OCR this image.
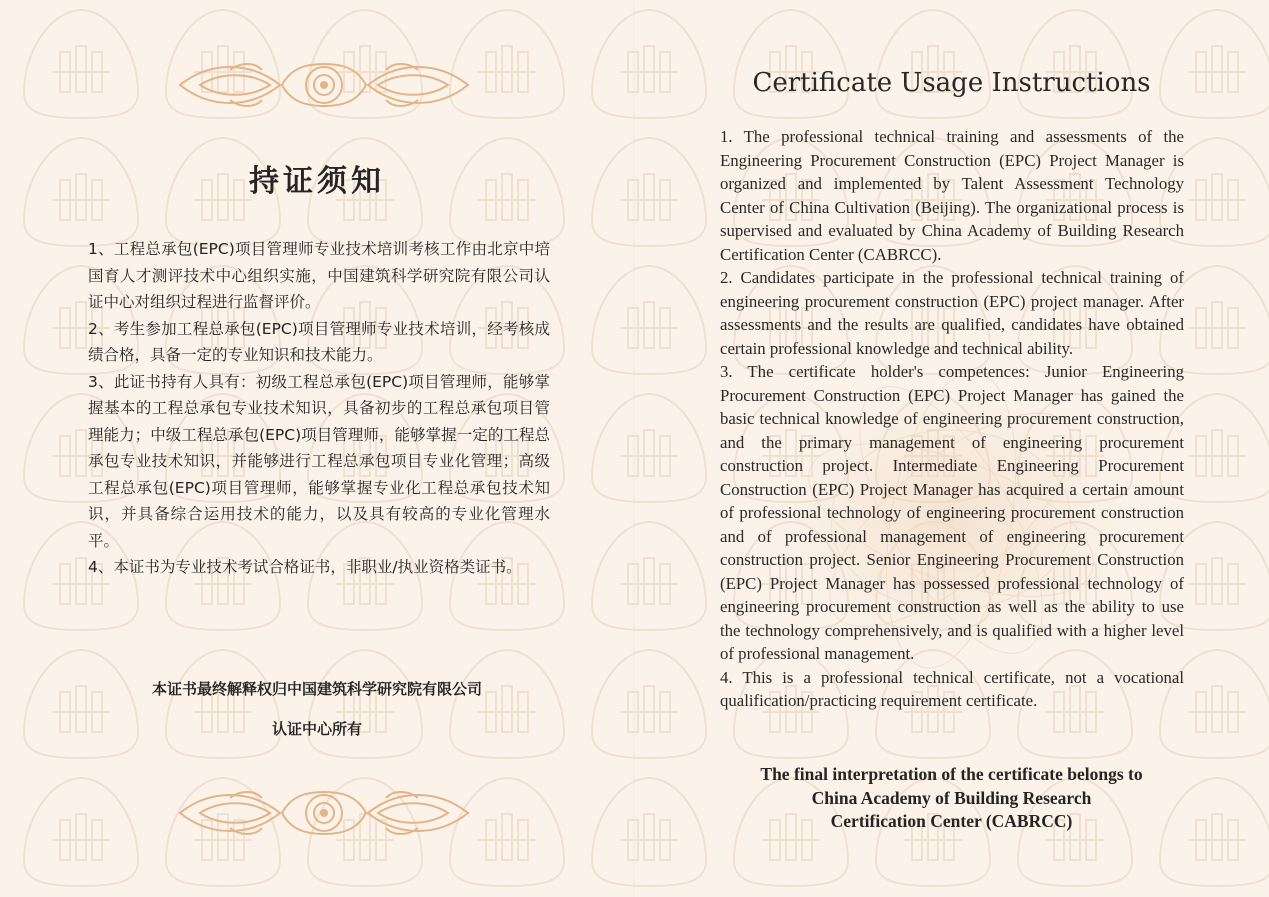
持证须知

1、工程总承包(EPC)项目管理师专业技术培训考核工作由北京中培国育人才测评技术中心组织实施，中国建筑科学研究院有限公司认证中心对组织过程进行监督评价。

2、考生参加工程总承包(EPC)项目管理师专业技术培训，经考核成绩合格，具备一定的专业知识和技术能力。

3、此证书持有人具有：初级工程总承包(EPC)项目管理师，能够掌握基本的工程总承包专业技术知识，具备初步的工程总承包项目管理能力；中级工程总承包(EPC)项目管理师，能够掌握一定的工程总承包专业技术知识，并能够进行工程总承包项目专业化管理；高级工程总承包(EPC)项目管理师，能够掌握专业化工程总承包技术知识，并具备综合运用技术的能力，以及具有较高的专业化管理水平。

4、本证书为专业技术考试合格证书，非职业/执业资格类证书。

本证书最终解释权归中国建筑科学研究院有限公司
认证中心所有
Certificate Usage Instructions

1. The professional technical training and assessments of the Engineering Procurement Construction (EPC) Project Manager is organized and implemented by Talent Assessment Technology Center of China Cultivation (Beijing). The organizational process is supervised and evaluated by China Academy of Building Research Certification Center (CABRCC).

2. Candidates participate in the professional technical training of engineering procurement construction (EPC) project manager. After assessments and the results are qualified, candidates have obtained certain professional knowledge and technical ability.

3. The certificate holder's competences: Junior Engineering Procurement Construction (EPC) Project Manager has gained the basic technical knowledge of engineering procurement construction, and the primary management of engineering procurement construction project. Intermediate Engineering Procurement Construction (EPC) Project Manager has acquired a certain amount of professional technology of engineering procurement construction and of professional management of engineering procurement construction project. Senior Engineering Procurement Construction (EPC) Project Manager has possessed professional technology of engineering procurement construction as well as the ability to use the technology comprehensively, and is qualified with a higher level of professional management.

4. This is a professional technical certificate, not a vocational qualification/practicing requirement certificate.

The final interpretation of the certificate belongs to
China Academy of Building Research
Certification Center (CABRCC)
